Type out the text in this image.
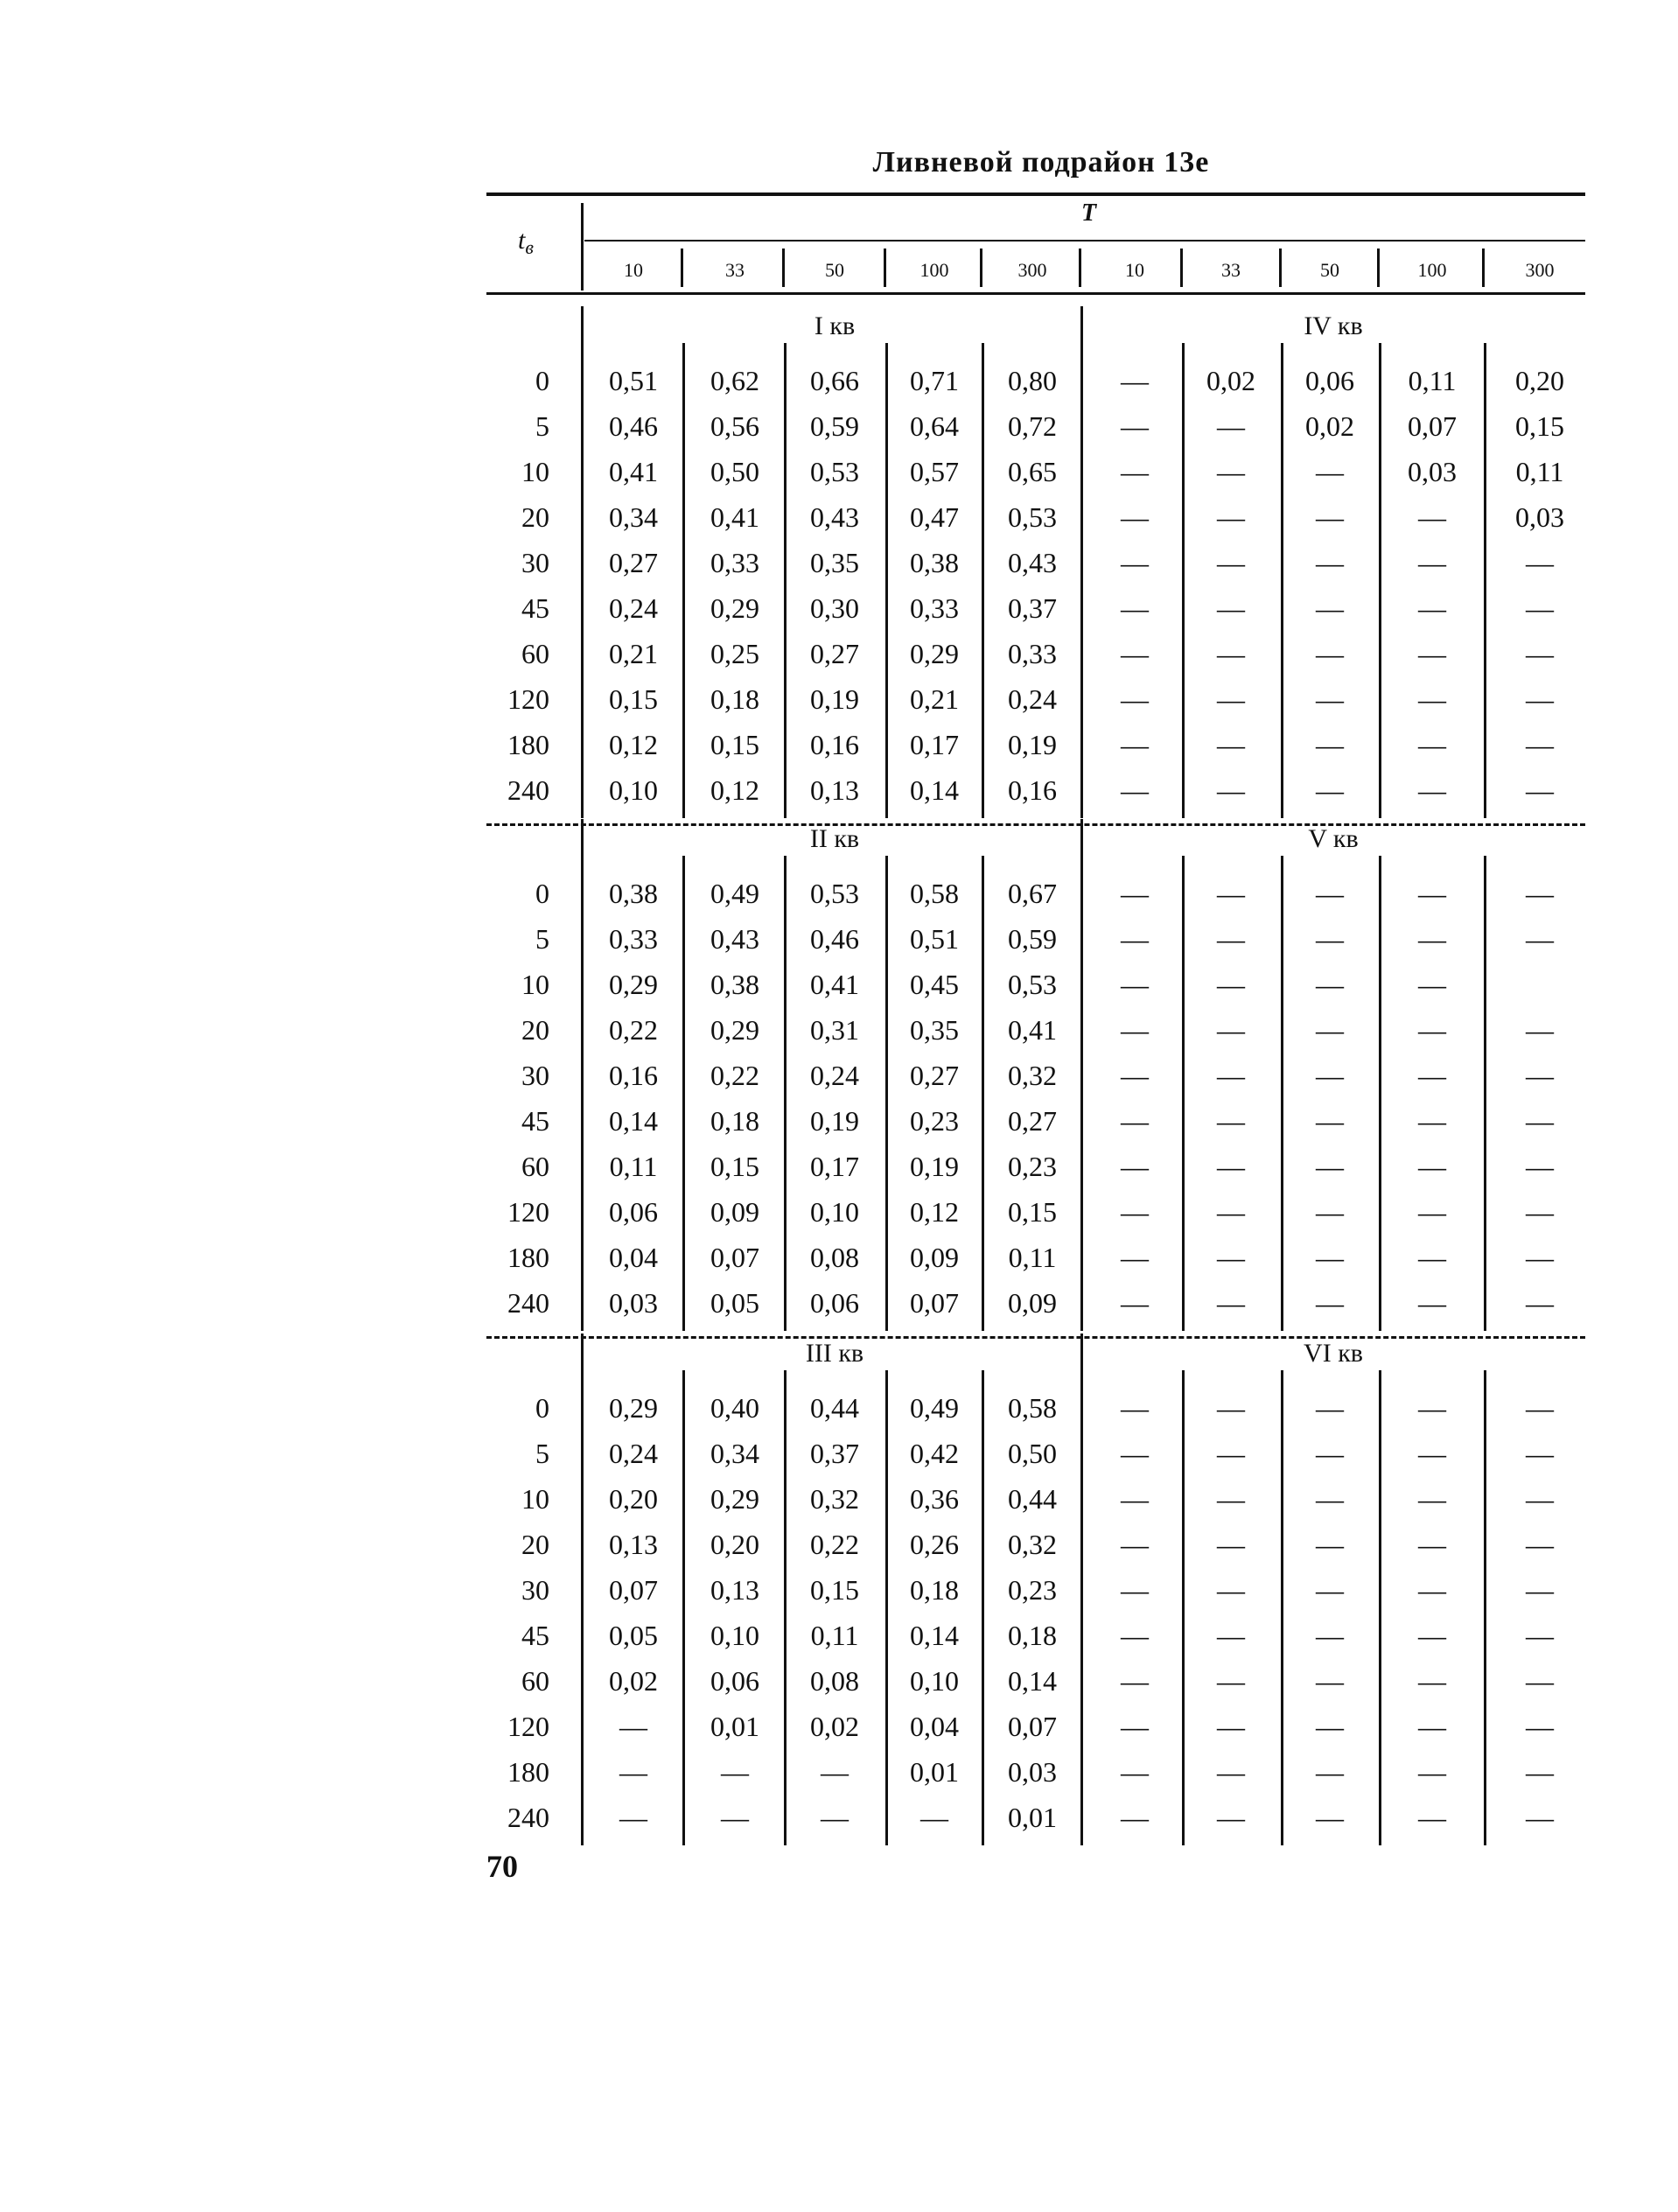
Ливневой подрайон 13е
$t_в$
T
10	33	50	100	300	10	33	50	100	300
I кв	IV кв
0	0,51	0,62	0,66	0,71	0,80	—	0,02	0,06	0,11	0,20
5	0,46	0,56	0,59	0,64	0,72	—	—	0,02	0,07	0,15
10	0,41	0,50	0,53	0,57	0,65	—	—	—	0,03	0,11
20	0,34	0,41	0,43	0,47	0,53	—	—	—	—	0,03
30	0,27	0,33	0,35	0,38	0,43	—	—	—	—	—
45	0,24	0,29	0,30	0,33	0,37	—	—	—	—	—
60	0,21	0,25	0,27	0,29	0,33	—	—	—	—	—
120	0,15	0,18	0,19	0,21	0,24	—	—	—	—	—
180	0,12	0,15	0,16	0,17	0,19	—	—	—	—	—
240	0,10	0,12	0,13	0,14	0,16	—	—	—	—	—
II кв	V кв
0	0,38	0,49	0,53	0,58	0,67	—	—	—	—	—
5	0,33	0,43	0,46	0,51	0,59	—	—	—	—	—
10	0,29	0,38	0,41	0,45	0,53	—	—	—	—
20	0,22	0,29	0,31	0,35	0,41	—	—	—	—	—
30	0,16	0,22	0,24	0,27	0,32	—	—	—	—	—
45	0,14	0,18	0,19	0,23	0,27	—	—	—	—	—
60	0,11	0,15	0,17	0,19	0,23	—	—	—	—	—
120	0,06	0,09	0,10	0,12	0,15	—	—	—	—	—
180	0,04	0,07	0,08	0,09	0,11	—	—	—	—	—
240	0,03	0,05	0,06	0,07	0,09	—	—	—	—	—
III кв	VI кв
0	0,29	0,40	0,44	0,49	0,58	—	—	—	—	—
5	0,24	0,34	0,37	0,42	0,50	—	—	—	—	—
10	0,20	0,29	0,32	0,36	0,44	—	—	—	—	—
20	0,13	0,20	0,22	0,26	0,32	—	—	—	—	—
30	0,07	0,13	0,15	0,18	0,23	—	—	—	—	—
45	0,05	0,10	0,11	0,14	0,18	—	—	—	—	—
60	0,02	0,06	0,08	0,10	0,14	—	—	—	—	—
120	—	0,01	0,02	0,04	0,07	—	—	—	—	—
180	—	—	—	0,01	0,03	—	—	—	—	—
240	—	—	—	—	0,01	—	—	—	—	—
70
